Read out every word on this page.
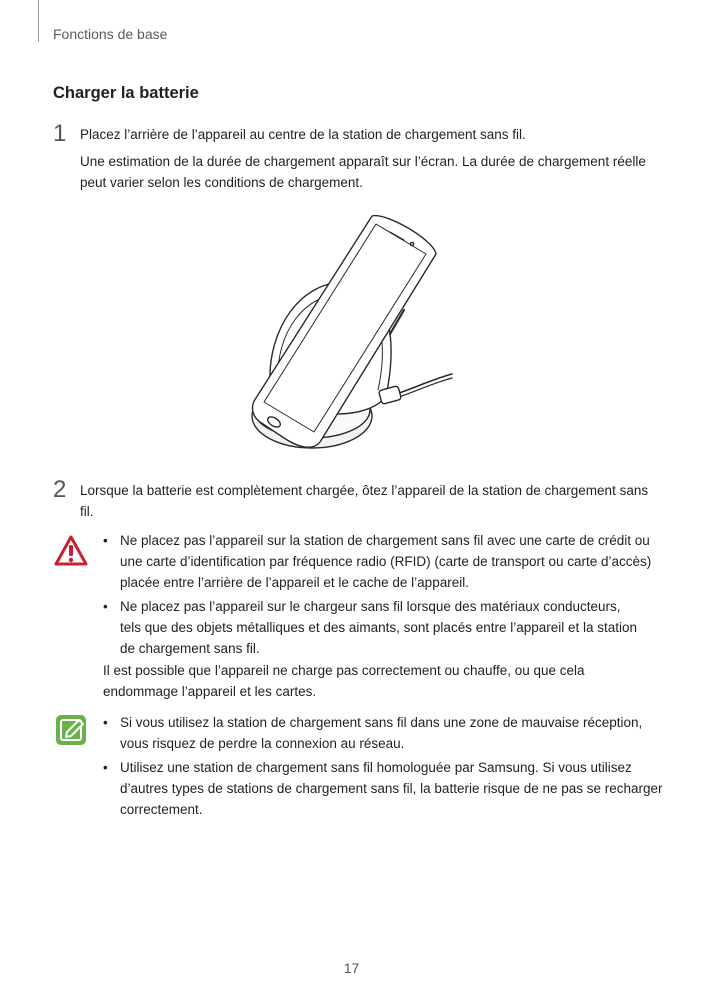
Fonctions de base
Charger la batterie
1 Placez l’arrière de l’appareil au centre de la station de chargement sans fil.

Une estimation de la durée de chargement apparaît sur l’écran. La durée de chargement réelle peut varier selon les conditions de chargement.

2 Lorsque la batterie est complètement chargée, ôtez l’appareil de la station de chargement sans fil.

• Ne placez pas l’appareil sur la station de chargement sans fil avec une carte de crédit ou une carte d’identification par fréquence radio (RFID) (carte de transport ou carte d’accès) placée entre l’arrière de l’appareil et le cache de l’appareil.

• Ne placez pas l’appareil sur le chargeur sans fil lorsque des matériaux conducteurs, tels que des objets métalliques et des aimants, sont placés entre l’appareil et la station de chargement sans fil.

Il est possible que l’appareil ne charge pas correctement ou chauffe, ou que cela endommage l’appareil et les cartes.

• Si vous utilisez la station de chargement sans fil dans une zone de mauvaise réception, vous risquez de perdre la connexion au réseau.

• Utilisez une station de chargement sans fil homologuée par Samsung. Si vous utilisez d’autres types de stations de chargement sans fil, la batterie risque de ne pas se recharger correctement.

17
